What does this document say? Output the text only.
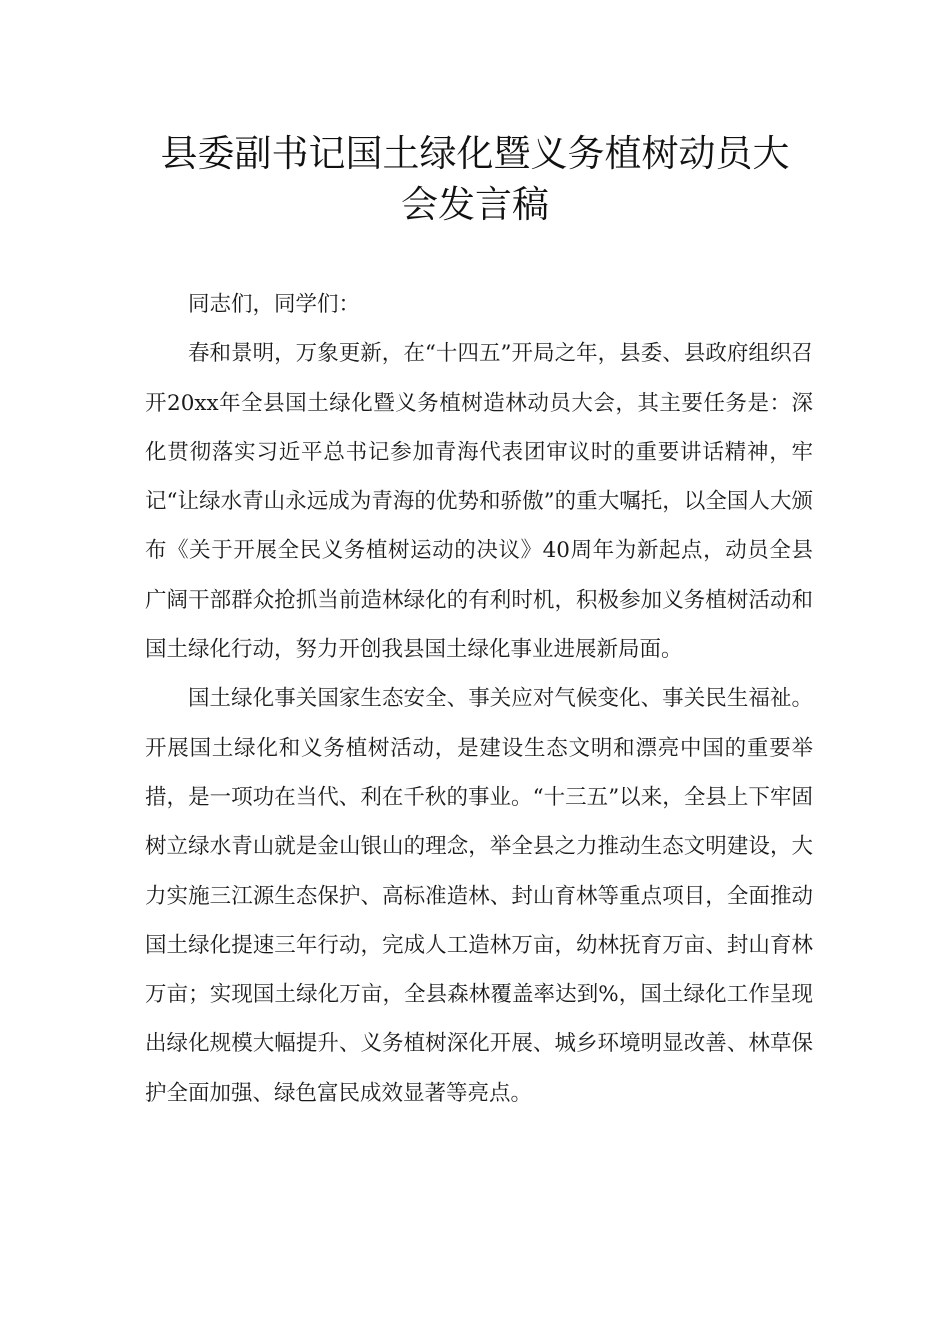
县委副书记国土绿化暨义务植树动员大
会发言稿

同志们，同学们：

春和景明，万象更新，在“十四五”开局之年，县委、县政府组织召开20xx年全县国土绿化暨义务植树造林动员大会，其主要任务是：深化贯彻落实习近平总书记参加青海代表团审议时的重要讲话精神，牢记“让绿水青山永远成为青海的优势和骄傲”的重大嘱托，以全国人大颁布《关于开展全民义务植树运动的决议》40周年为新起点，动员全县广阔干部群众抢抓当前造林绿化的有利时机，积极参加义务植树活动和国土绿化行动，努力开创我县国土绿化事业进展新局面。

国土绿化事关国家生态安全、事关应对气候变化、事关民生福祉。开展国土绿化和义务植树活动，是建设生态文明和漂亮中国的重要举措，是一项功在当代、利在千秋的事业。“十三五”以来，全县上下牢固树立绿水青山就是金山银山的理念，举全县之力推动生态文明建设，大力实施三江源生态保护、高标准造林、封山育林等重点项目，全面推动国土绿化提速三年行动，完成人工造林万亩，幼林抚育万亩、封山育林万亩；实现国土绿化万亩，全县森林覆盖率达到%，国土绿化工作呈现出绿化规模大幅提升、义务植树深化开展、城乡环境明显改善、林草保护全面加强、绿色富民成效显著等亮点。
